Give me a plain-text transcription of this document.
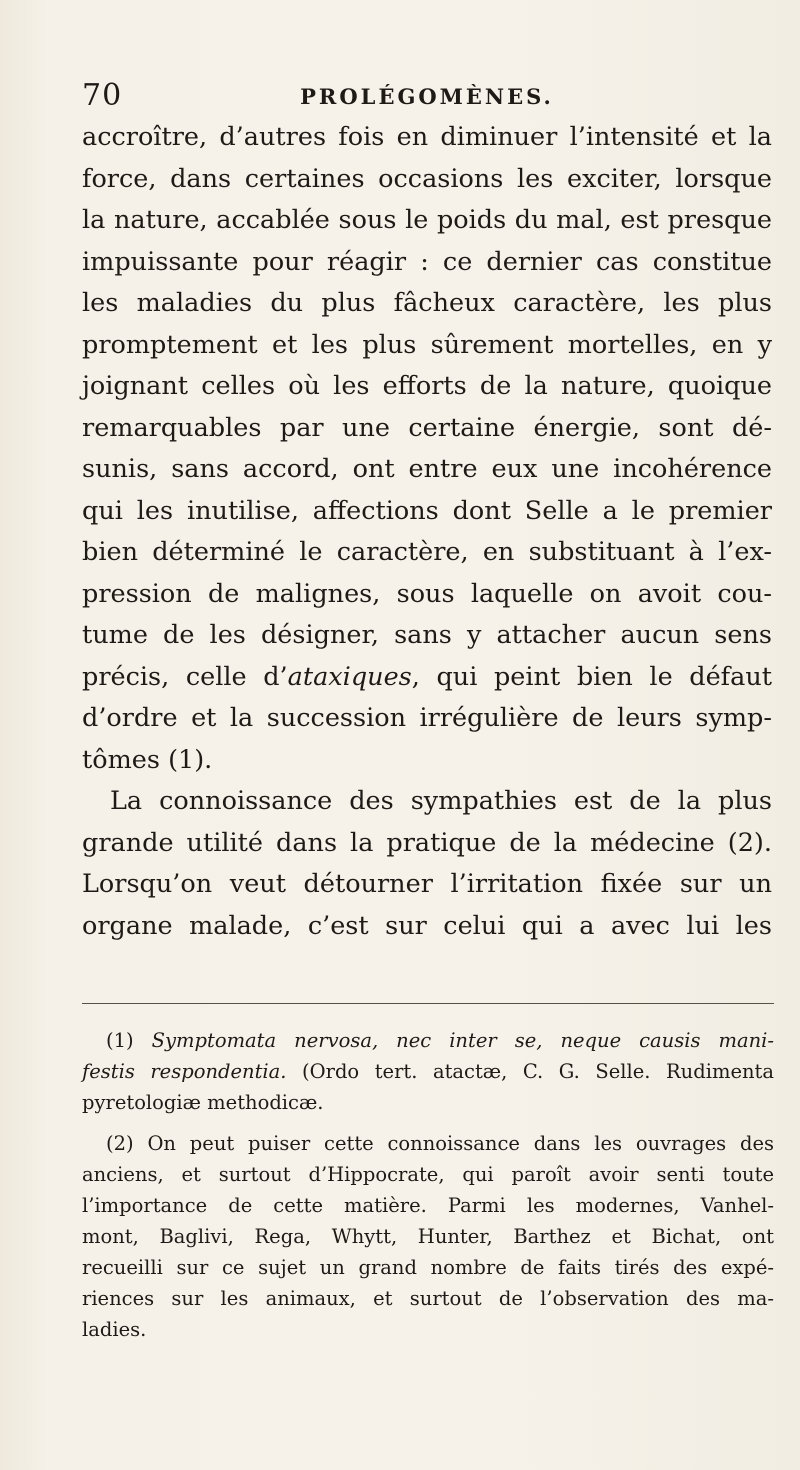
70	PROLÉGOMÈNES.
accroître, d’autres fois en diminuer l’intensité et la
force, dans certaines occasions les exciter, lorsque
la nature, accablée sous le poids du mal, est presque
impuissante pour réagir : ce dernier cas constitue
les maladies du plus fâcheux caractère, les plus
promptement et les plus sûrement mortelles, en y
joignant celles où les efforts de la nature, quoique
remarquables par une certaine énergie, sont dé-
sunis, sans accord, ont entre eux une incohérence
qui les inutilise, affections dont Selle a le premier
bien déterminé le caractère, en substituant à l’ex-
pression de malignes, sous laquelle on avoit cou-
tume de les désigner, sans y attacher aucun sens
précis, celle d’ataxiques, qui peint bien le défaut
d’ordre et la succession irrégulière de leurs symp-
tômes (1).
La connoissance des sympathies est de la plus
grande utilité dans la pratique de la médecine (2).
Lorsqu’on veut détourner l’irritation fixée sur un
organe malade, c’est sur celui qui a avec lui les
(1) Symptomata nervosa, nec inter se, neque causis mani-
festis respondentia. (Ordo tert. atactæ, C. G. Selle. Rudimenta
pyretologiæ methodicæ.
(2) On peut puiser cette connoissance dans les ouvrages des
anciens, et surtout d’Hippocrate, qui paroît avoir senti toute
l’importance de cette matière. Parmi les modernes, Vanhel-
mont, Baglivi, Rega, Whytt, Hunter, Barthez et Bichat, ont
recueilli sur ce sujet un grand nombre de faits tirés des expé-
riences sur les animaux, et surtout de l’observation des ma-
ladies.
